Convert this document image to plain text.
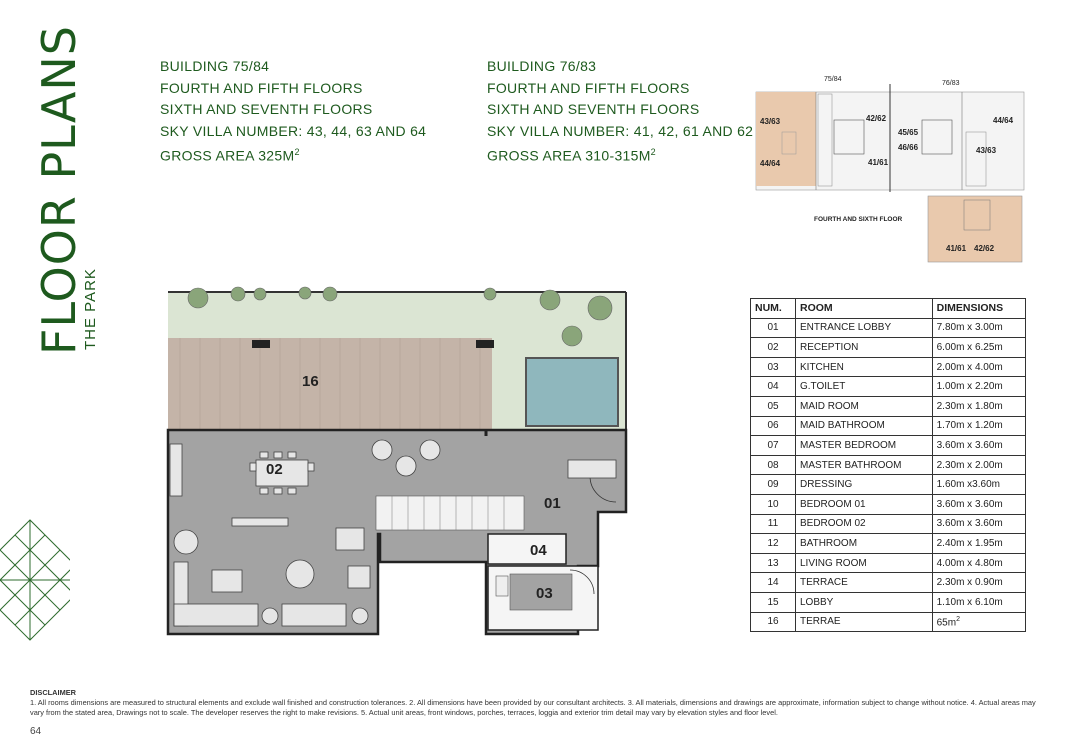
FLOOR PLANS
THE PARK
BUILDING 75/84
FOURTH AND FIFTH FLOORS
SIXTH AND SEVENTH FLOORS
SKY VILLA NUMBER: 43, 44, 63 AND 64
GROSS AREA $325M^2$
BUILDING 76/83
FOURTH AND FIFTH FLOORS
SIXTH AND SEVENTH FLOORS
SKY VILLA NUMBER: 41, 42, 61 AND 62
GROSS AREA $310-315M^2$
75/84
76/83
43/63
44/64
42/62
41/61
45/65
46/66
44/64
43/63
41/61 42/62
FOURTH AND SIXTH FLOOR
16
02
01
04
03
NUM.	ROOM	DIMENSIONS
01	ENTRANCE LOBBY	7.80m x 3.00m
02	RECEPTION	6.00m x 6.25m
03	KITCHEN	2.00m x 4.00m
04	G.TOILET	1.00m x 2.20m
05	MAID ROOM	2.30m x 1.80m
06	MAID BATHROOM	1.70m x 1.20m
07	MASTER BEDROOM	3.60m x 3.60m
08	MASTER BATHROOM	2.30m x 2.00m
09	DRESSING	1.60m x3.60m
10	BEDROOM 01	3.60m x 3.60m
11	BEDROOM 02	3.60m x 3.60m
12	BATHROOM	2.40m x 1.95m
13	LIVING ROOM	4.00m x 4.80m
14	TERRACE	2.30m x 0.90m
15	LOBBY	1.10m x 6.10m
16	TERRAE	$65m^2$
DISCLAIMER
1. All rooms dimensions are measured to structural elements and exclude wall finished and construction tolerances. 2. All dimensions have been provided by our consultant architects. 3. All materials, dimensions and drawings are approximate, information subject to change without notice. 4. Actual areas may vary from the stated area, Drawings not to scale. The developer reserves the right to make revisions. 5. Actual unit areas, front windows, porches, terraces, loggia and exterior trim detail may vary by elevation styles and floor level.
64
